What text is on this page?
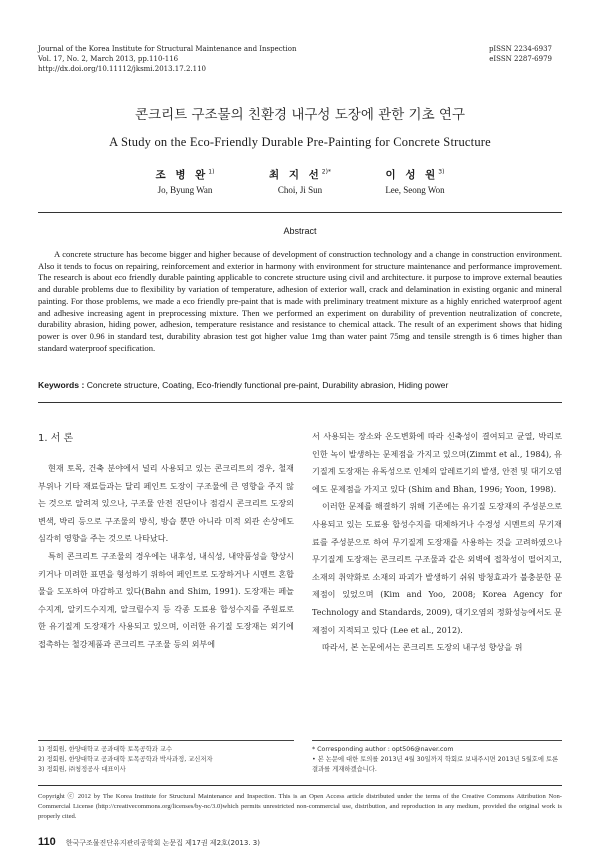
Journal of the Korea Institute for Structural Maintenance and Inspection
Vol. 17, No. 2, March 2013, pp.110-116
http://dx.doi.org/10.11112/jksmi.2013.17.2.110
pISSN 2234-6937
eISSN 2287-6979
콘크리트 구조물의 친환경 내구성 도장에 관한 기초 연구
A Study on the Eco-Friendly Durable Pre-Painting for Concrete Structure
조 병 완$^{1)}$
Jo, Byung Wan
최 지 선$^{2)*}$
Choi, Ji Sun
이 성 원$^{3)}$
Lee, Seong Won
Abstract

A concrete structure has become bigger and higher because of development of construction technology and a change in construction environment. Also it tends to focus on repairing, reinforcement and exterior in harmony with environment for structure maintenance and performance improvement. The research is about eco friendly durable painting applicable to concrete structure using civil and architecture. it purpose to improve external beauties and durable problems due to flexibility by variation of temperature, adhesion of exterior wall, crack and delamination in existing organic and mineral painting. For those problems, we made a eco friendly pre-paint that is made with preliminary treatment mixture as a highly enriched waterproof agent and adhesive increasing agent in preprocessing mixture. Then we performed an experiment on durability of prevention neutralization of concrete, durability abrasion, hiding power, adhesion, temperature resistance and resistance to chemical attack. The result of an experiment shows that hiding power is over 0.96 in standard test, durability abrasion test got higher value 1mg than water paint 75mg and tensile strength is 6 times higher than standard waterproof specification.

Keywords : Concrete structure, Coating, Eco-friendly functional pre-paint, Durability abrasion, Hiding power
1. 서 론

현재 토목, 건축 분야에서 널리 사용되고 있는 콘크리트의 경우, 철재 부위나 기타 재료들과는 달리 페인트 도장이 구조물에 큰 영향을 주지 않는 것으로 알려져 있으나, 구조물 안전 진단이나 점검시 콘크리트 도장의 변색, 박리 등으로 구조물의 방식, 방습 뿐만 아니라 미적 외관 손상에도 심각히 영향을 주는 것으로 나타났다.

특히 콘크리트 구조물의 경우에는 내후성, 내식성, 내약품성을 향상시키거나 미려한 표면을 형성하기 위하여 페인트로 도장하거나 시멘트 혼합물을 도포하여 마감하고 있다(Bahn and Shim, 1991). 도장재는 페놀수지계, 알키드수지계, 알크릴수지 등 각종 도료용 합성수지를 주원료로 한 유기질계 도장재가 사용되고 있으며, 이러한 유기질 도장재는 외기에 접촉하는 철강제품과 콘크리트 구조물 등의 외부에

서 사용되는 장소와 온도변화에 따라 신축성이 결여되고 균열, 박리로 인한 녹이 발생하는 문제점을 가지고 있으며(Zimmt et al., 1984), 유기질계 도장재는 유독성으로 인체의 알레르기의 발생, 안전 및 대기오염에도 문제점을 가지고 있다 (Shim and Bhan, 1996; Yoon, 1998).

이러한 문제를 해결하기 위해 기존에는 유기질 도장재의 주성분으로 사용되고 있는 도료용 합성수지를 대체하거나 수경성 시멘트의 무기재료를 주성분으로 하여 무기질계 도장재를 사용하는 것을 고려하였으나 무기질계 도장재는 콘크리트 구조물과 같은 외벽에 접착성이 떨어지고, 소재의 취약화로 소재의 파괴가 발생하기 쉬워 방청효과가 불충분한 문제점이 있었으며 (Kim and Yoo, 2008; Korea Agency for Technology and Standards, 2009), 대기오염의 정화성능에서도 문제점이 지적되고 있다 (Lee et al., 2012).

따라서, 본 논문에서는 콘크리트 도장의 내구성 향상을 위

1) 정회원, 한양대학교 공과대학 토목공학과 교수
2) 정회원, 한양대학교 공과대학 토목공학과 박사과정, 교신저자
3) 정회원, ㈜청정공사 대표이사
* Corresponding author : opt506@naver.com
• 본 논문에 대한 토의를 2013년 4월 30일까지 학회로 보내주시면 2013년 5월호에 토론결과를 게재하겠습니다.
Copyright ⓒ 2012 by The Korea Institute for Structural Maintenance and Inspection. This is an Open Access article distributed under the terms of the Creative Commons Attribution Non-Commercial License (http://creativecommons.org/licenses/by-nc/3.0)which permits unrestricted non-commercial use, distribution, and reproduction in any medium, provided the original work is properly cited.
110 한국구조물진단유지관리공학회 논문집 제17권 제2호(2013. 3)
